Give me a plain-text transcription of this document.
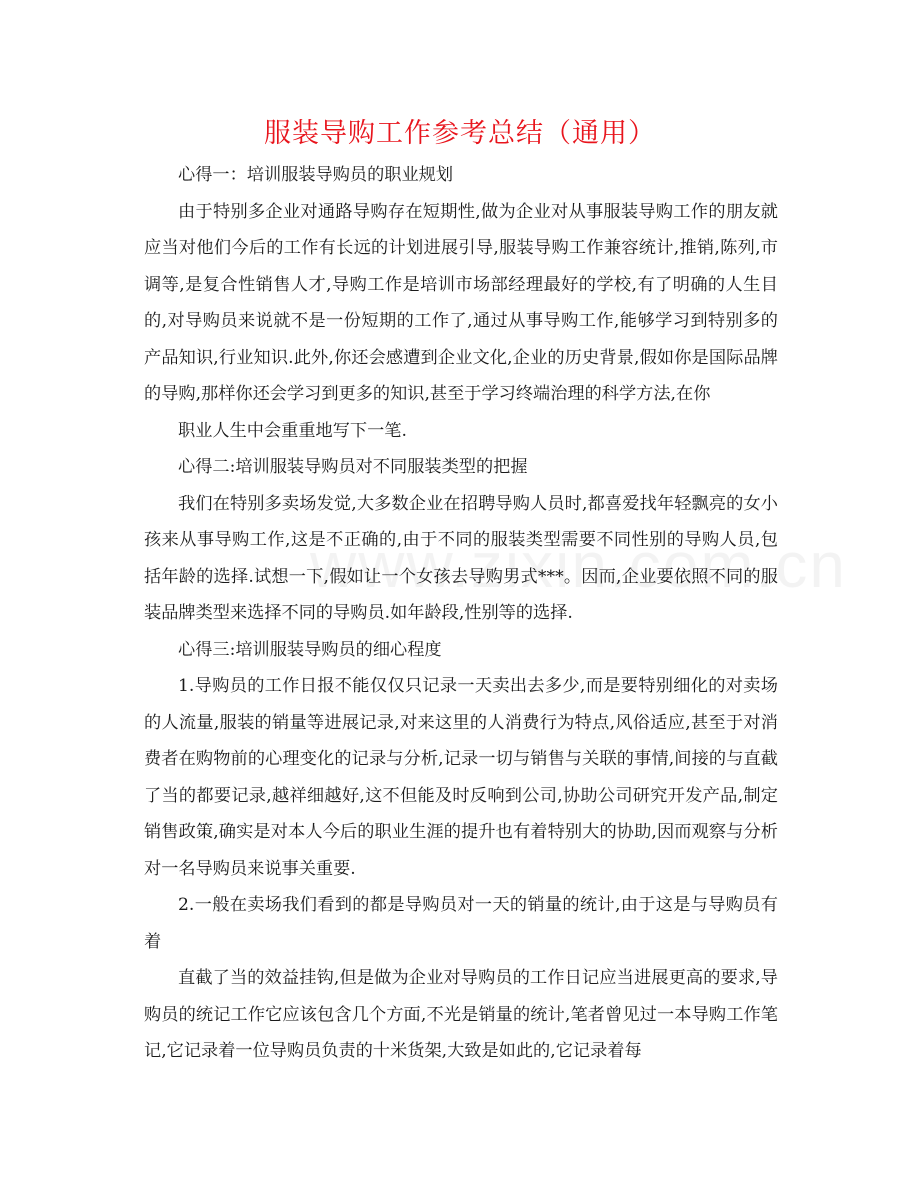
服装导购工作参考总结（通用）

心得一：培训服装导购员的职业规划

由于特别多企业对通路导购存在短期性,做为企业对从事服装导购工作的朋友就应当对他们今后的工作有长远的计划进展引导,服装导购工作兼容统计,推销,陈列,市调等,是复合性销售人才,导购工作是培训市场部经理最好的学校,有了明确的人生目的,对导购员来说就不是一份短期的工作了,通过从事导购工作,能够学习到特别多的产品知识,行业知识.此外,你还会感遭到企业文化,企业的历史背景,假如你是国际品牌的导购,那样你还会学习到更多的知识,甚至于学习终端治理的科学方法,在你

职业人生中会重重地写下一笔.

心得二:培训服装导购员对不同服装类型的把握

我们在特别多卖场发觉,大多数企业在招聘导购人员时,都喜爱找年轻飘亮的女小孩来从事导购工作,这是不正确的,由于不同的服装类型需要不同性别的导购人员,包括年龄的选择.试想一下,假如让一个女孩去导购男式***。因而,企业要依照不同的服装品牌类型来选择不同的导购员.如年龄段,性别等的选择.

心得三:培训服装导购员的细心程度

1.导购员的工作日报不能仅仅只记录一天卖出去多少,而是要特别细化的对卖场的人流量,服装的销量等进展记录,对来这里的人消费行为特点,风俗适应,甚至于对消费者在购物前的心理变化的记录与分析,记录一切与销售与关联的事情,间接的与直截了当的都要记录,越祥细越好,这不但能及时反响到公司,协助公司研究开发产品,制定销售政策,确实是对本人今后的职业生涯的提升也有着特别大的协助,因而观察与分析对一名导购员来说事关重要.

2.一般在卖场我们看到的都是导购员对一天的销量的统计,由于这是与导购员有着

直截了当的效益挂钩,但是做为企业对导购员的工作日记应当进展更高的要求,导购员的统记工作它应该包含几个方面,不光是销量的统计,笔者曾见过一本导购工作笔记,它记录着一位导购员负责的十米货架,大致是如此的,它记录着每
